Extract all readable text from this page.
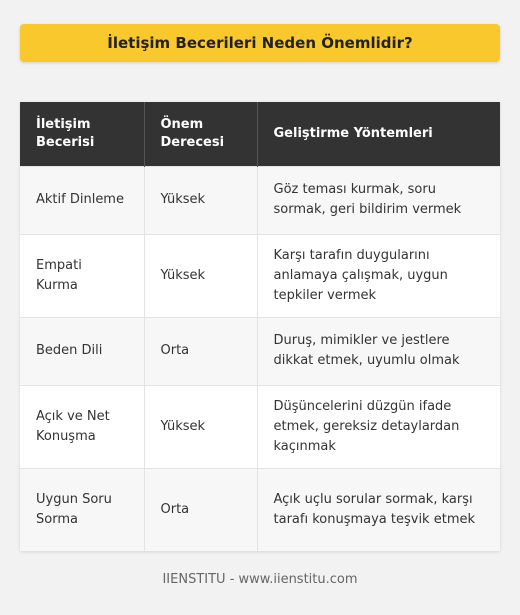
İletişim Becerileri Neden Önemlidir?
İletişim Becerisi	Önem Derecesi	Geliştirme Yöntemleri
Aktif Dinleme	Yüksek	Göz teması kurmak, soru sormak, geri bildirim vermek
Empati Kurma	Yüksek	Karşı tarafın duygularını anlamaya çalışmak, uygun tepkiler vermek
Beden Dili	Orta	Duruş, mimikler ve jestlere dikkat etmek, uyumlu olmak
Açık ve Net Konuşma	Yüksek	Düşüncelerini düzgün ifade etmek, gereksiz detaylardan kaçınmak
Uygun Soru Sorma	Orta	Açık uçlu sorular sormak, karşı tarafı konuşmaya teşvik etmek
IIENSTITU - www.iienstitu.com
